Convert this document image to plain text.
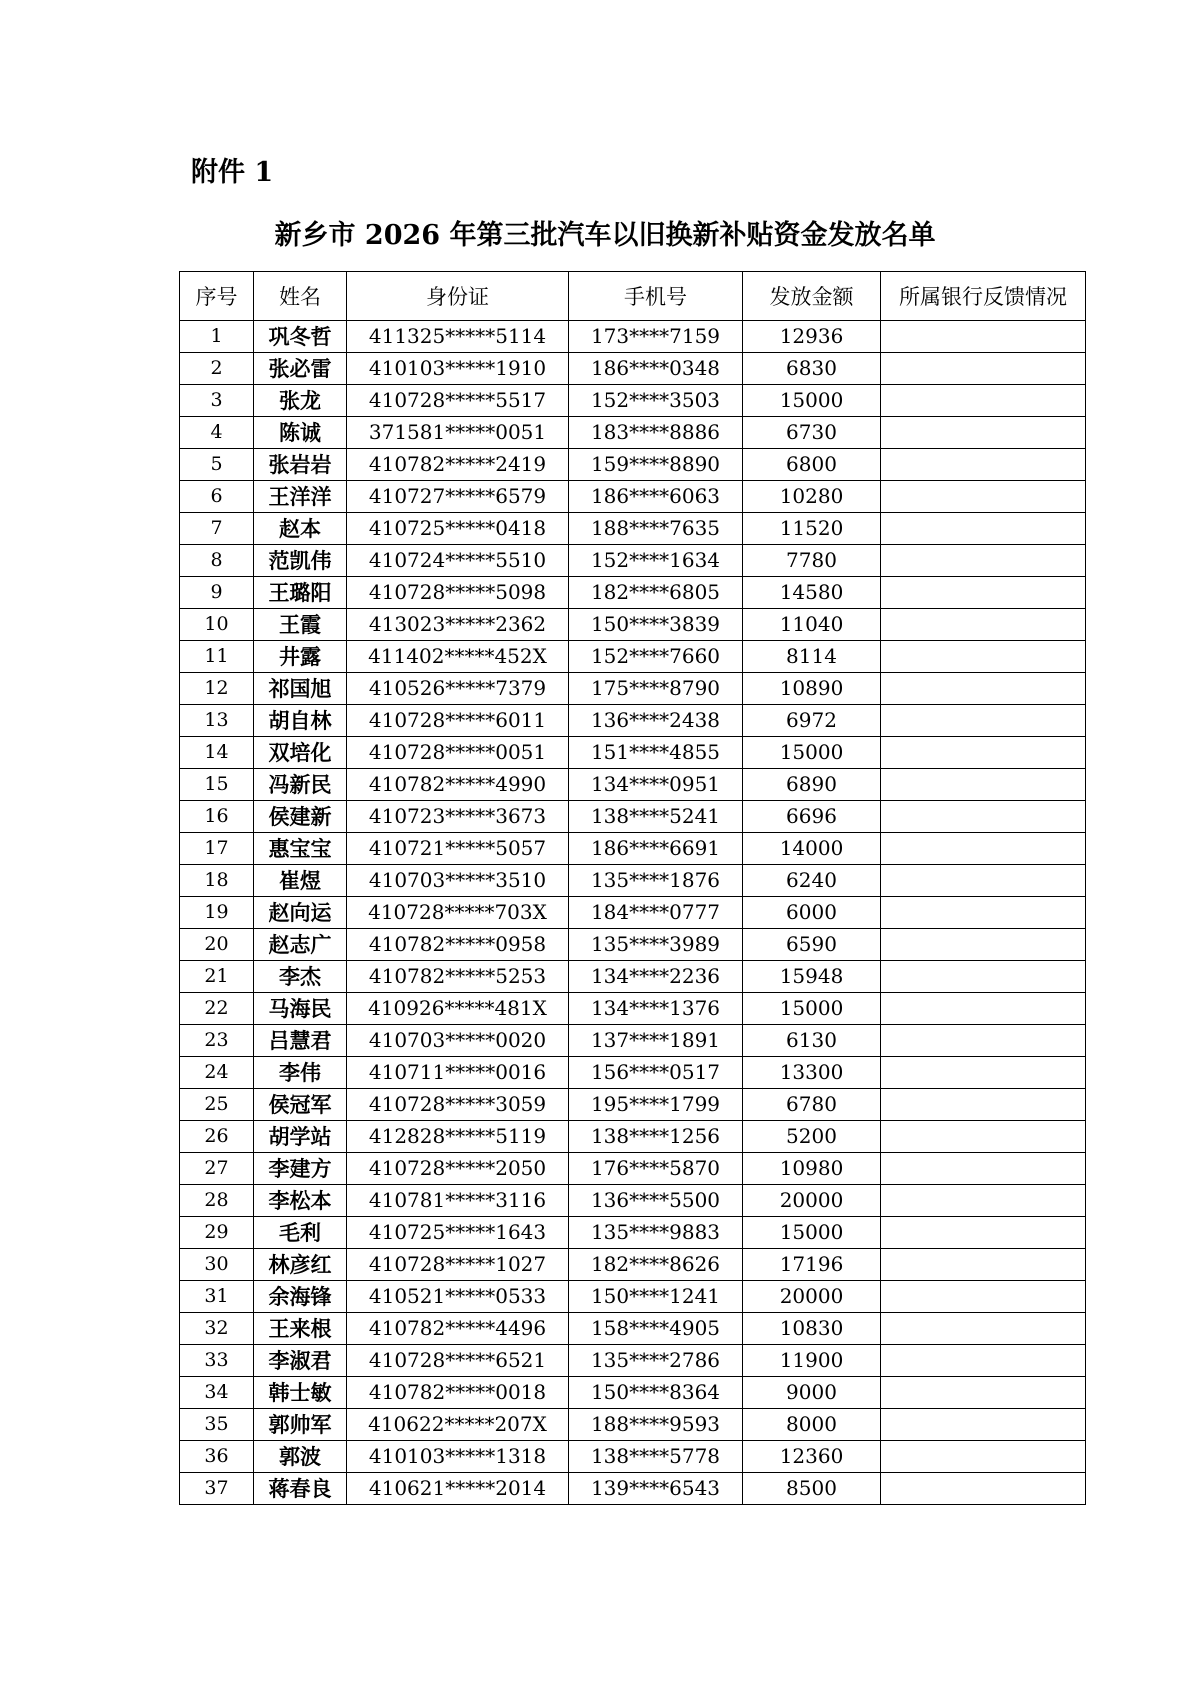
附件 1
新乡市 2026 年第三批汽车以旧换新补贴资金发放名单
序号	姓名	身份证	手机号	发放金额	所属银行反馈情况
1	巩冬哲	411325*****5114	173****7159	12936	
2	张必雷	410103*****1910	186****0348	6830	
3	张龙	410728*****5517	152****3503	15000	
4	陈诚	371581*****0051	183****8886	6730	
5	张岩岩	410782*****2419	159****8890	6800	
6	王洋洋	410727*****6579	186****6063	10280	
7	赵本	410725*****0418	188****7635	11520	
8	范凯伟	410724*****5510	152****1634	7780	
9	王璐阳	410728*****5098	182****6805	14580	
10	王霞	413023*****2362	150****3839	11040	
11	井露	411402*****452X	152****7660	8114	
12	祁国旭	410526*****7379	175****8790	10890	
13	胡自林	410728*****6011	136****2438	6972	
14	双培化	410728*****0051	151****4855	15000	
15	冯新民	410782*****4990	134****0951	6890	
16	侯建新	410723*****3673	138****5241	6696	
17	惠宝宝	410721*****5057	186****6691	14000	
18	崔煜	410703*****3510	135****1876	6240	
19	赵向运	410728*****703X	184****0777	6000	
20	赵志广	410782*****0958	135****3989	6590	
21	李杰	410782*****5253	134****2236	15948	
22	马海民	410926*****481X	134****1376	15000	
23	吕慧君	410703*****0020	137****1891	6130	
24	李伟	410711*****0016	156****0517	13300	
25	侯冠军	410728*****3059	195****1799	6780	
26	胡学站	412828*****5119	138****1256	5200	
27	李建方	410728*****2050	176****5870	10980	
28	李松本	410781*****3116	136****5500	20000	
29	毛利	410725*****1643	135****9883	15000	
30	林彦红	410728*****1027	182****8626	17196	
31	余海锋	410521*****0533	150****1241	20000	
32	王来根	410782*****4496	158****4905	10830	
33	李淑君	410728*****6521	135****2786	11900	
34	韩士敏	410782*****0018	150****8364	9000	
35	郭帅军	410622*****207X	188****9593	8000	
36	郭波	410103*****1318	138****5778	12360	
37	蒋春良	410621*****2014	139****6543	8500	
